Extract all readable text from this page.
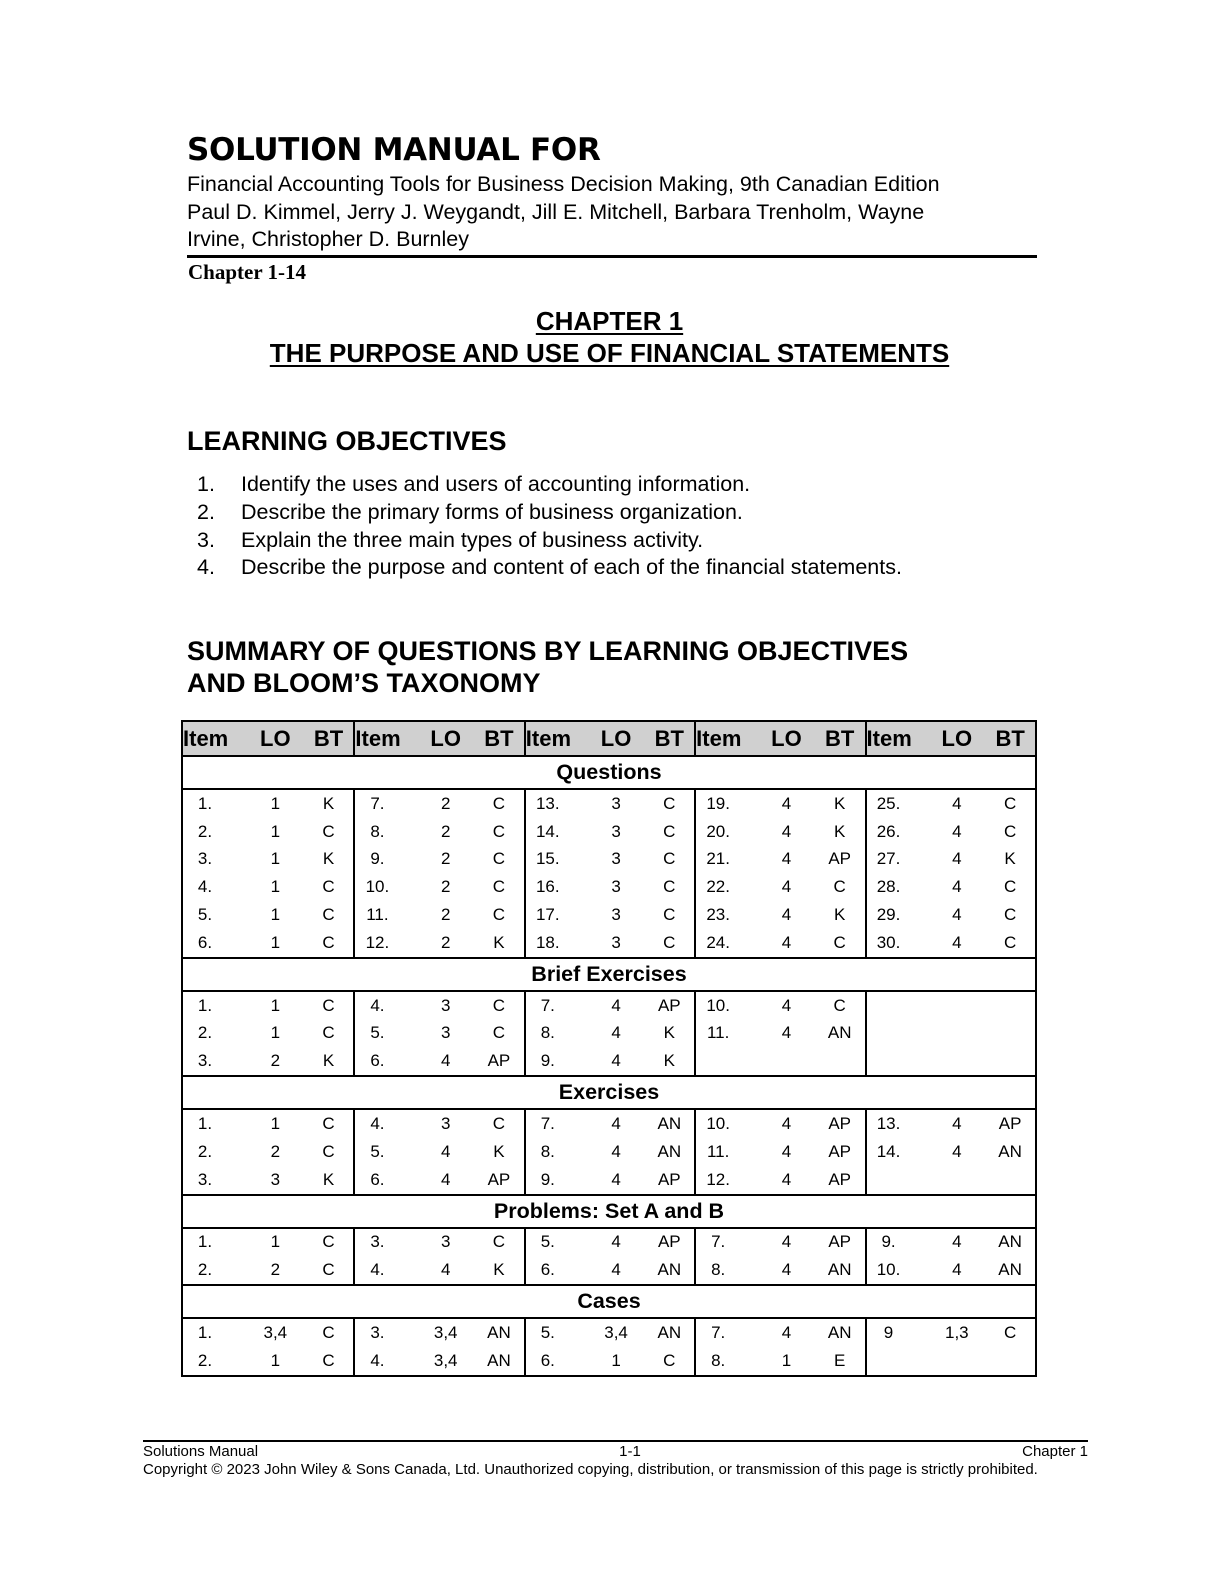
SOLUTION MANUAL FOR
Financial Accounting Tools for Business Decision Making, 9th Canadian Edition
Paul D. Kimmel, Jerry J. Weygandt, Jill E. Mitchell, Barbara Trenholm, Wayne
Irvine, Christopher D. Burnley
Chapter 1-14
CHAPTER 1
THE PURPOSE AND USE OF FINANCIAL STATEMENTS
LEARNING OBJECTIVES
1.	Identify the uses and users of accounting information.
2.	Describe the primary forms of business organization.
3.	Explain the three main types of business activity.
4.	Describe the purpose and content of each of the financial statements.
SUMMARY OF QUESTIONS BY LEARNING OBJECTIVES
AND BLOOM’S TAXONOMY
Item	LO	BT	Item	LO	BT	Item	LO	BT	Item	LO	BT	Item	LO	BT
Questions														
1.	1	K	7.	2	C	13.	3	C	19.	4	K	25.	4	C
2.	1	C	8.	2	C	14.	3	C	20.	4	K	26.	4	C
3.	1	K	9.	2	C	15.	3	C	21.	4	AP	27.	4	K
4.	1	C	10.	2	C	16.	3	C	22.	4	C	28.	4	C
5.	1	C	11.	2	C	17.	3	C	23.	4	K	29.	4	C
6.	1	C	12.	2	K	18.	3	C	24.	4	C	30.	4	C
Brief Exercises														
1.	1	C	4.	3	C	7.	4	AP	10.	4	C			
2.	1	C	5.	3	C	8.	4	K	11.	4	AN			
3.	2	K	6.	4	AP	9.	4	K						
Exercises														
1.	1	C	4.	3	C	7.	4	AN	10.	4	AP	13.	4	AP
2.	2	C	5.	4	K	8.	4	AN	11.	4	AP	14.	4	AN
3.	3	K	6.	4	AP	9.	4	AP	12.	4	AP			
Problems: Set A and B														
1.	1	C	3.	3	C	5.	4	AP	7.	4	AP	9.	4	AN
2.	2	C	4.	4	K	6.	4	AN	8.	4	AN	10.	4	AN
Cases														
1.	3,4	C	3.	3,4	AN	5.	3,4	AN	7.	4	AN	9	1,3	C
2.	1	C	4.	3,4	AN	6.	1	C	8.	1	E			
Solutions Manual	1-1	Chapter 1
Copyright © 2023 John Wiley & Sons Canada, Ltd. Unauthorized copying, distribution, or transmission of this page is strictly prohibited.
